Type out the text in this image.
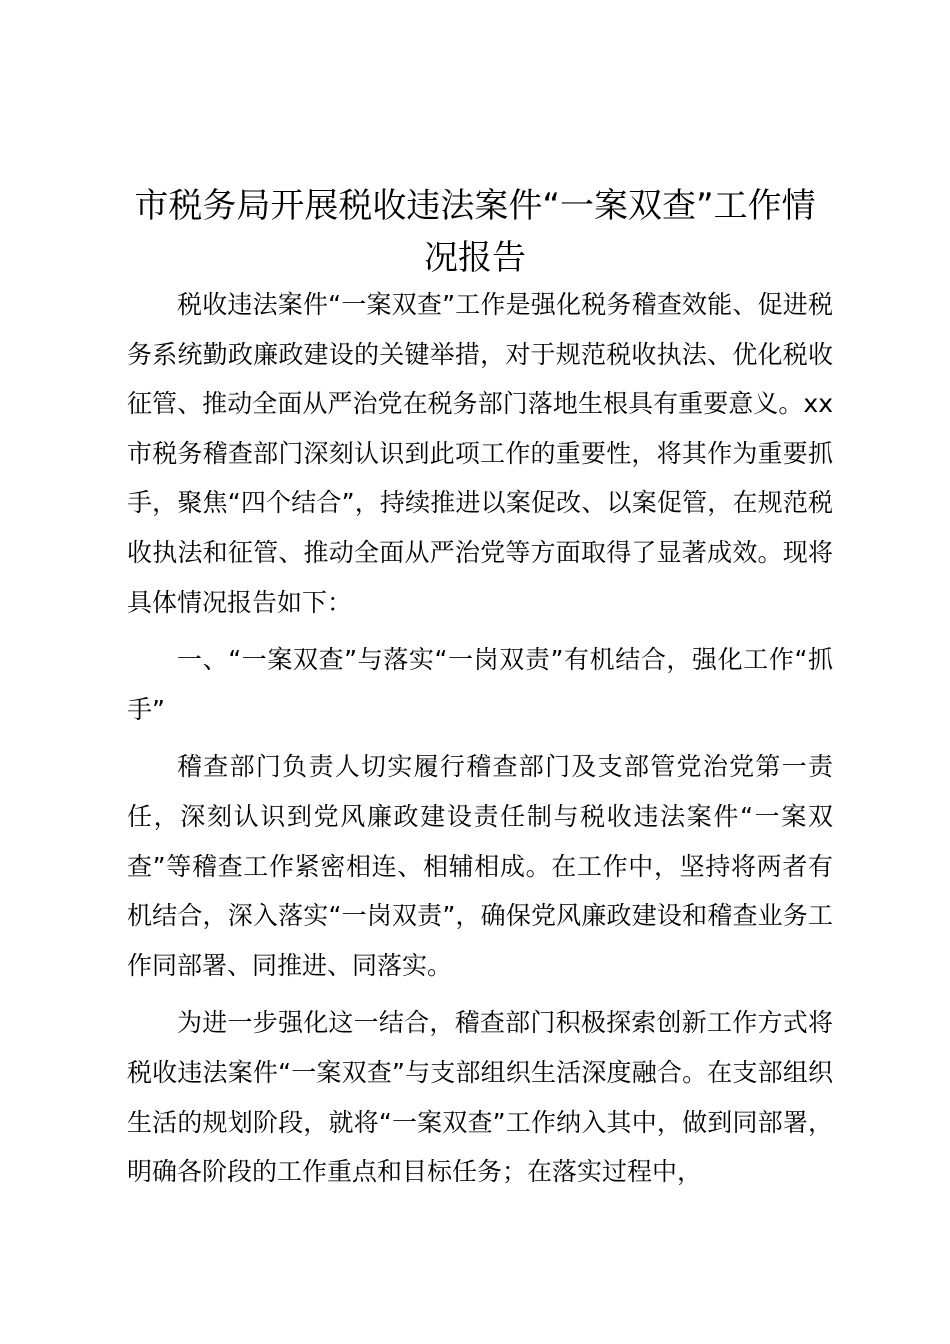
市税务局开展税收违法案件“一案双查”工作情况报告

税收违法案件“一案双查”工作是强化税务稽查效能、促进税务系统勤政廉政建设的关键举措，对于规范税收执法、优化税收征管、推动全面从严治党在税务部门落地生根具有重要意义。xx市税务稽查部门深刻认识到此项工作的重要性，将其作为重要抓手，聚焦“四个结合”，持续推进以案促改、以案促管，在规范税收执法和征管、推动全面从严治党等方面取得了显著成效。现将具体情况报告如下：

一、“一案双查”与落实“一岗双责”有机结合，强化工作“抓手”

稽查部门负责人切实履行稽查部门及支部管党治党第一责任，深刻认识到党风廉政建设责任制与税收违法案件“一案双查”等稽查工作紧密相连、相辅相成。在工作中，坚持将两者有机结合，深入落实“一岗双责”，确保党风廉政建设和稽查业务工作同部署、同推进、同落实。

为进一步强化这一结合，稽查部门积极探索创新工作方式将税收违法案件“一案双查”与支部组织生活深度融合。在支部组织生活的规划阶段，就将“一案双查”工作纳入其中，做到同部署，明确各阶段的工作重点和目标任务；在落实过程中，
